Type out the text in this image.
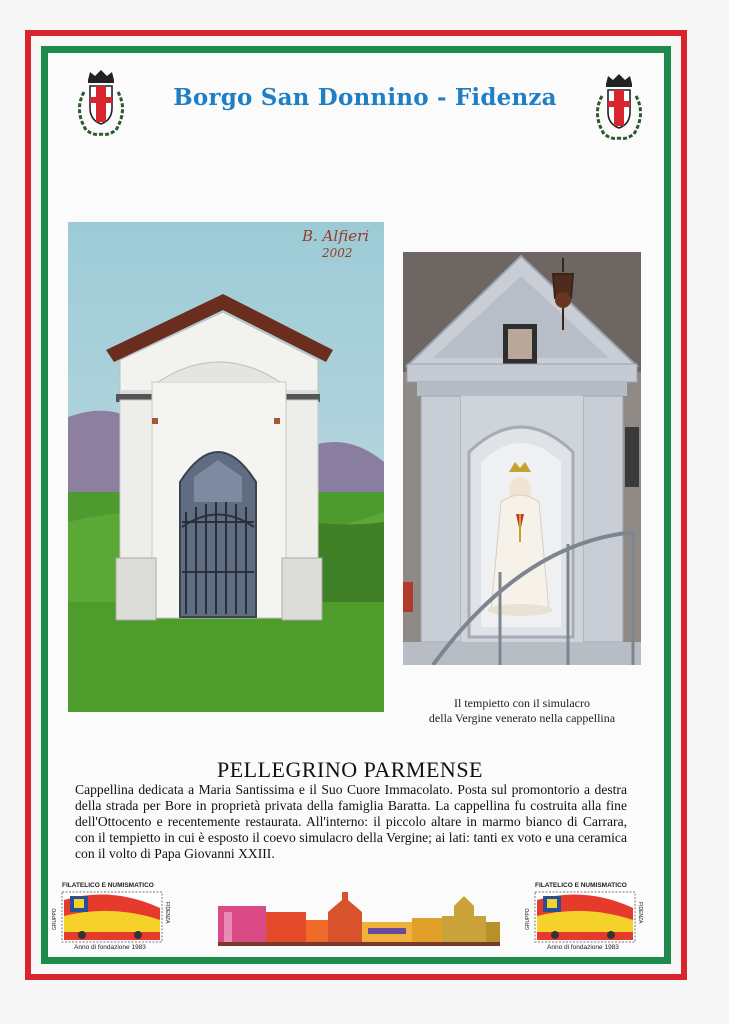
Borgo San Donnino - Fidenza
B. Alfieri
2002
Il tempietto con il simulacro
della Vergine venerato nella cappellina
PELLEGRINO PARMENSE
Cappellina dedicata a Maria Santissima e il Suo Cuore Immacolato. Posta sul promontorio a destra della strada per Bore in proprietà privata della famiglia Baratta. La cappellina fu costruita alla fine dell'Ottocento e recentemente restaurata. All'interno: il piccolo altare in marmo bianco di Carrara, con il tempietto in cui è esposto il coevo simulacro della Vergine; ai lati: tanti ex voto e una ceramica con il volto di Papa Giovanni XXIII.
FILATELICO E NUMISMATICO
GRUPPO	FIDENZA
Anno di fondazione 1983
FILATELICO E NUMISMATICO
GRUPPO	FIDENZA
Anno di fondazione 1983
